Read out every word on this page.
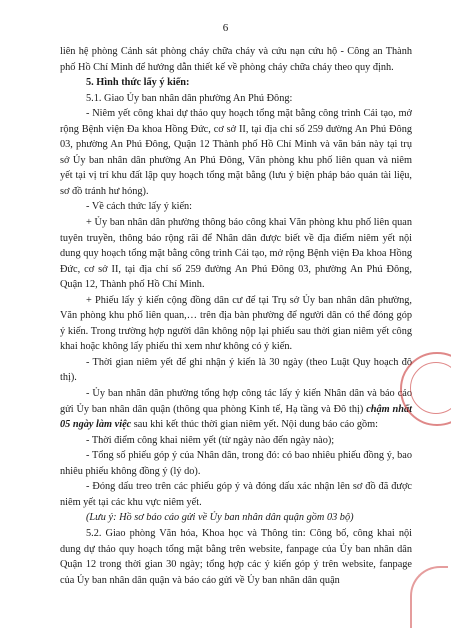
6

liên hệ phòng Cảnh sát phòng cháy chữa cháy và cứu nạn cứu hộ - Công an Thành phố Hồ Chí Minh để hướng dẫn thiết kế về phòng cháy chữa cháy theo quy định.

5. Hình thức lấy ý kiến:

5.1. Giao Ủy ban nhân dân phường An Phú Đông:

- Niêm yết công khai dự thảo quy hoạch tổng mặt bằng công trình Cải tạo, mở rộng Bệnh viện Đa khoa Hồng Đức, cơ sở II, tại địa chỉ số 259 đường An Phú Đông 03, phường An Phú Đông, Quận 12 Thành phố Hồ Chí Minh và văn bản này tại trụ sở Ủy ban nhân dân phường An Phú Đông, Văn phòng khu phố liên quan và niêm yết tại vị trí khu đất lập quy hoạch tổng mặt bằng (lưu ý biện pháp bảo quản tài liệu, sơ đồ tránh hư hỏng).

- Về cách thức lấy ý kiến:

+ Ủy ban nhân dân phường thông báo công khai Văn phòng khu phố liên quan tuyên truyền, thông báo rộng rãi để Nhân dân được biết về địa điểm niêm yết nội dung quy hoạch tổng mặt bằng công trình Cải tạo, mở rộng Bệnh viện Đa khoa Hồng Đức, cơ sở II, tại địa chỉ số 259 đường An Phú Đông 03, phường An Phú Đông, Quận 12, Thành phố Hồ Chí Minh.

+ Phiếu lấy ý kiến cộng đồng dân cư để tại Trụ sở Ủy ban nhân dân phường, Văn phòng khu phố liên quan,… trên địa bàn phường để người dân có thể đóng góp ý kiến. Trong trường hợp người dân không nộp lại phiếu sau thời gian niêm yết công khai hoặc không lấy phiếu thì xem như không có ý kiến.

- Thời gian niêm yết để ghi nhận ý kiến là 30 ngày (theo Luật Quy hoạch đô thị).

- Ủy ban nhân dân phường tổng hợp công tác lấy ý kiến Nhân dân và báo cáo gửi Ủy ban nhân dân quận (thông qua phòng Kinh tế, Hạ tầng và Đô thị) chậm nhất 05 ngày làm việc sau khi kết thúc thời gian niêm yết. Nội dung báo cáo gồm:

- Thời điểm công khai niêm yết (từ ngày nào đến ngày nào);

- Tổng số phiếu góp ý của Nhân dân, trong đó: có bao nhiêu phiếu đồng ý, bao nhiêu phiếu không đồng ý (lý do).

- Đóng dấu treo trên các phiếu góp ý và đóng dấu xác nhận lên sơ đồ đã được niêm yết tại các khu vực niêm yết.

(Lưu ý: Hồ sơ báo cáo gửi về Ủy ban nhân dân quận gồm 03 bộ)

5.2. Giao phòng Văn hóa, Khoa học và Thông tin: Công bố, công khai nội dung dự thảo quy hoạch tổng mặt bằng trên website, fanpage của Ủy ban nhân dân Quận 12 trong thời gian 30 ngày; tổng hợp các ý kiến góp ý trên website, fanpage của Ủy ban nhân dân quận và báo cáo gửi về Ủy ban nhân dân quận
